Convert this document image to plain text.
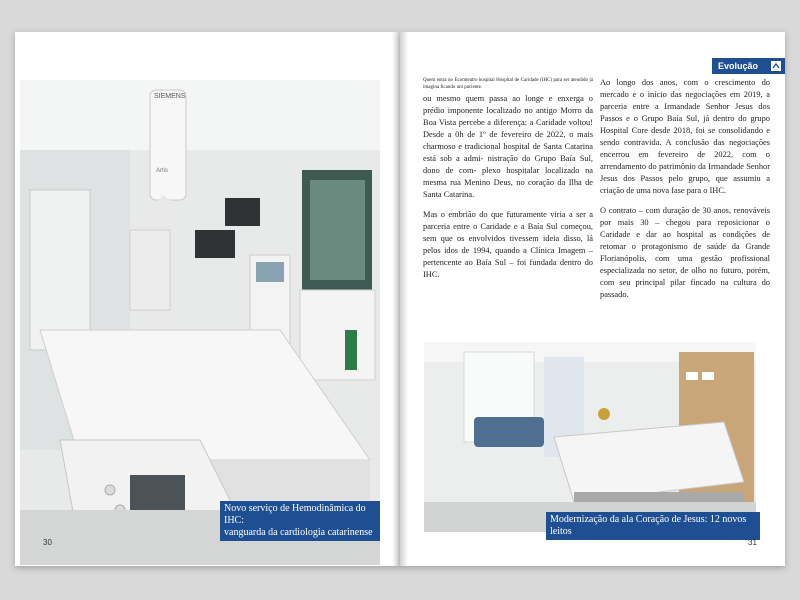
SIEMENS
Artis
Novo serviço de Hemodinâmica do IHC:
vanguarda da cardiologia catarinense
30
Evolução
Quem entra no Ecomteatro hospital Hospital de Caridade (IHC) para ser atendido já imagina ficando um paciente.

ou mesmo quem passa ao longe e enxerga o prédio imponente localizado no antigo Morro da Boa Vista percebe a diferença: a Caridade voltou! Desde a 0h de 1º de fevereiro de 2022, o mais charmoso e tradicional hospital de Santa Catarina está sob a admi- nistração do Grupo Baía Sul, dono de com- plexo hospitalar localizado na mesma rua Menino Deus, no coração da Ilha de Santa Catarina.

Mas o embrião do que futuramente viria a ser a parceria entre o Caridade e a Baía Sul começou, sem que os envolvidos tivessem ideia disso, lá pelos idos de 1994, quando a Clínica Imagem – pertencente ao Baía Sul – foi fundada dentro do IHC.

Ao longo dos anos, com o crescimento do mercado e o início das negociações em 2019, a parceria entre a Irmandade Senhor Jesus dos Passos e o Grupo Baía Sul, já dentro do grupo Hospital Core desde 2018, foi se consolidando e sendo contravida. A conclusão das negociações encerrou em fevereiro de 2022, com o arrendamento do patrimônio da Irmandade Senhor Jesus dos Passos pelo grupo, que assumiu a criação de uma nova fase para o IHC.

O contrato – com duração de 30 anos, renováveis por mais 30 – chegou para reposicionar o Caridade e dar ao hospital as condições de retomar o protagonismo de saúde da Grande Florianópolis, com uma gestão profissional especializada no setor, de olho no futuro, porém, com seu principal pilar fincado na cultura do passado.

Modernização da ala Coração de Jesus: 12 novos leitos
31
